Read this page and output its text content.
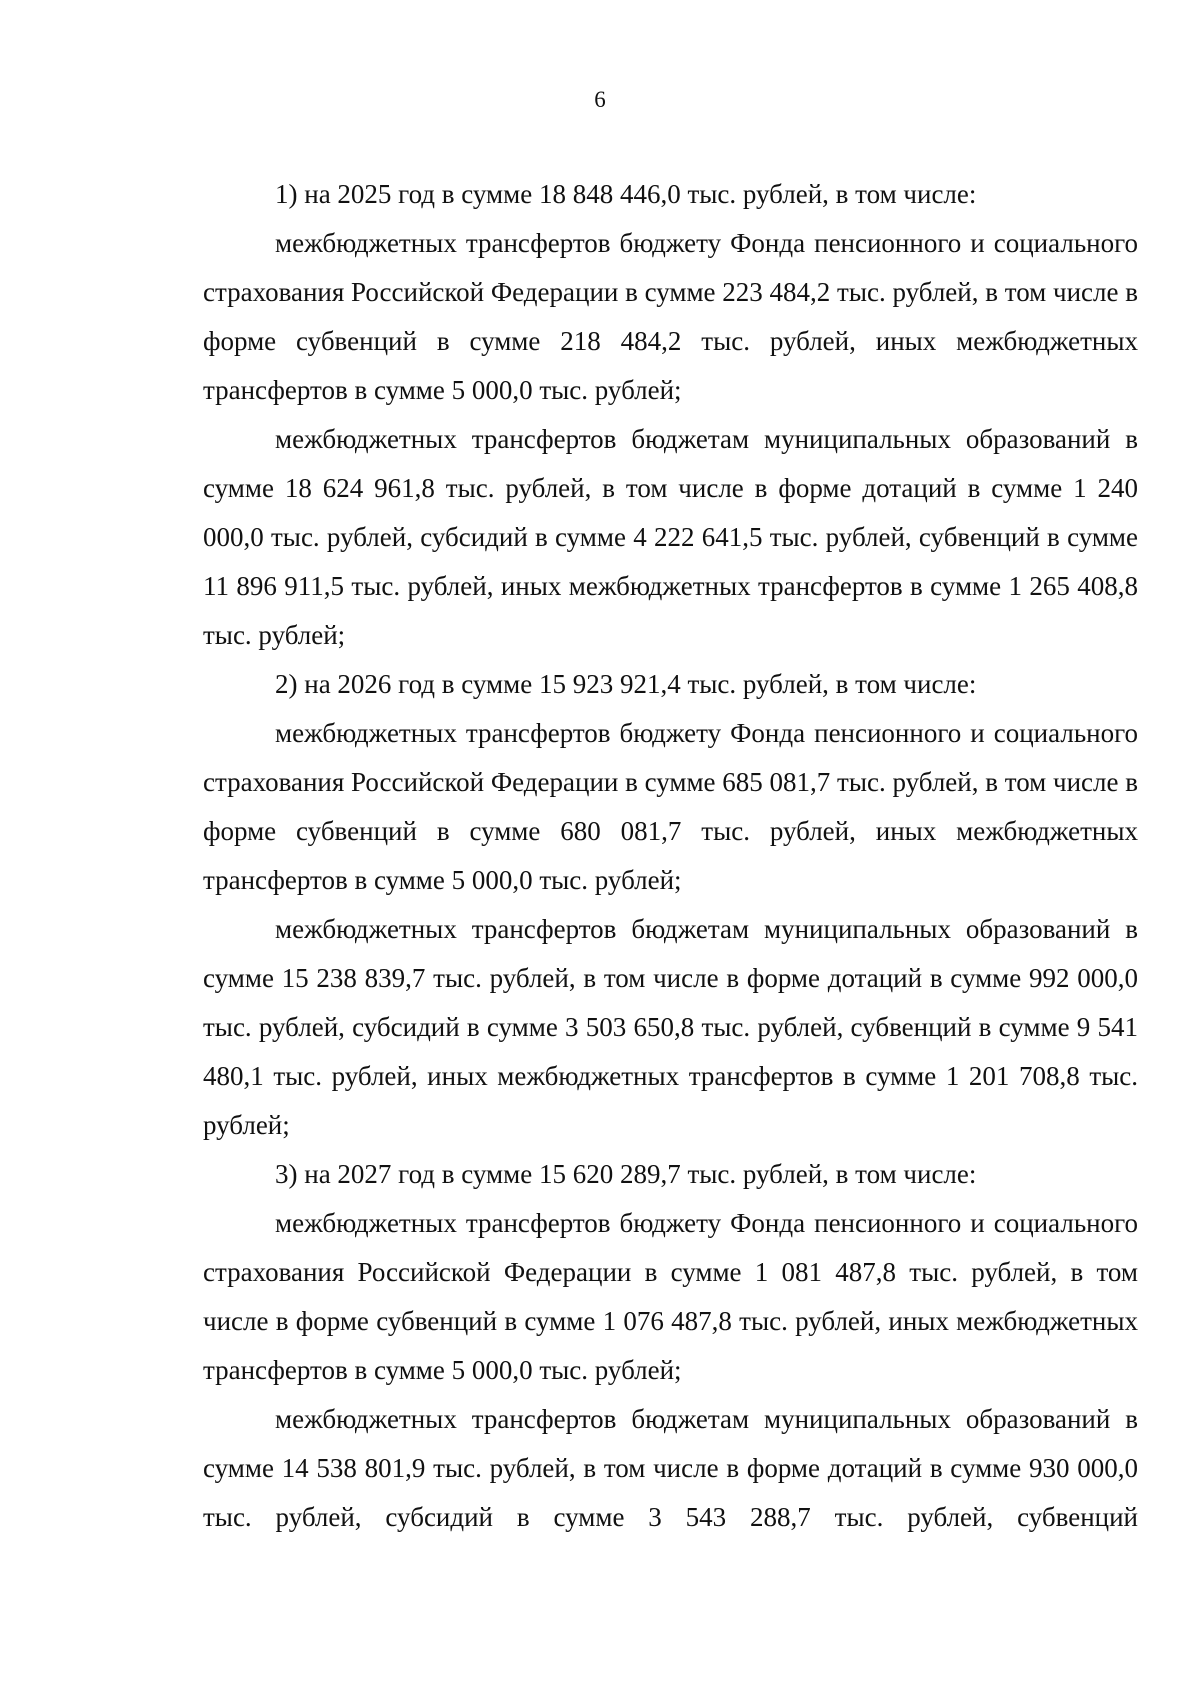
6

1) на 2025 год в сумме 18 848 446,0 тыс. рублей, в том числе:

межбюджетных трансфертов бюджету Фонда пенсионного и социального страхования Российской Федерации в сумме 223 484,2 тыс. рублей, в том числе в форме субвенций в сумме 218 484,2 тыс. рублей, иных межбюджетных трансфертов в сумме 5 000,0 тыс. рублей;

межбюджетных трансфертов бюджетам муниципальных образований в сумме 18 624 961,8 тыс. рублей, в том числе в форме дотаций в сумме 1 240 000,0 тыс. рублей, субсидий в сумме 4 222 641,5 тыс. рублей, субвенций в сумме 11 896 911,5 тыс. рублей, иных межбюджетных трансфертов в сумме 1 265 408,8 тыс. рублей;

2) на 2026 год в сумме 15 923 921,4 тыс. рублей, в том числе:

межбюджетных трансфертов бюджету Фонда пенсионного и социального страхования Российской Федерации в сумме 685 081,7 тыс. рублей, в том числе в форме субвенций в сумме 680 081,7 тыс. рублей, иных межбюджетных трансфертов в сумме 5 000,0 тыс. рублей;

межбюджетных трансфертов бюджетам муниципальных образований в сумме 15 238 839,7 тыс. рублей, в том числе в форме дотаций в сумме 992 000,0 тыс. рублей, субсидий в сумме 3 503 650,8 тыс. рублей, субвенций в сумме 9 541 480,1 тыс. рублей, иных межбюджетных трансфертов в сумме 1 201 708,8 тыс. рублей;

3) на 2027 год в сумме 15 620 289,7 тыс. рублей, в том числе:

межбюджетных трансфертов бюджету Фонда пенсионного и социального страхования Российской Федерации в сумме 1 081 487,8 тыс. рублей, в том числе в форме субвенций в сумме 1 076 487,8 тыс. рублей, иных межбюджетных трансфертов в сумме 5 000,0 тыс. рублей;

межбюджетных трансфертов бюджетам муниципальных образований в сумме 14 538 801,9 тыс. рублей, в том числе в форме дотаций в сумме 930 000,0 тыс. рублей, субсидий в сумме 3 543 288,7 тыс. рублей, субвенций
